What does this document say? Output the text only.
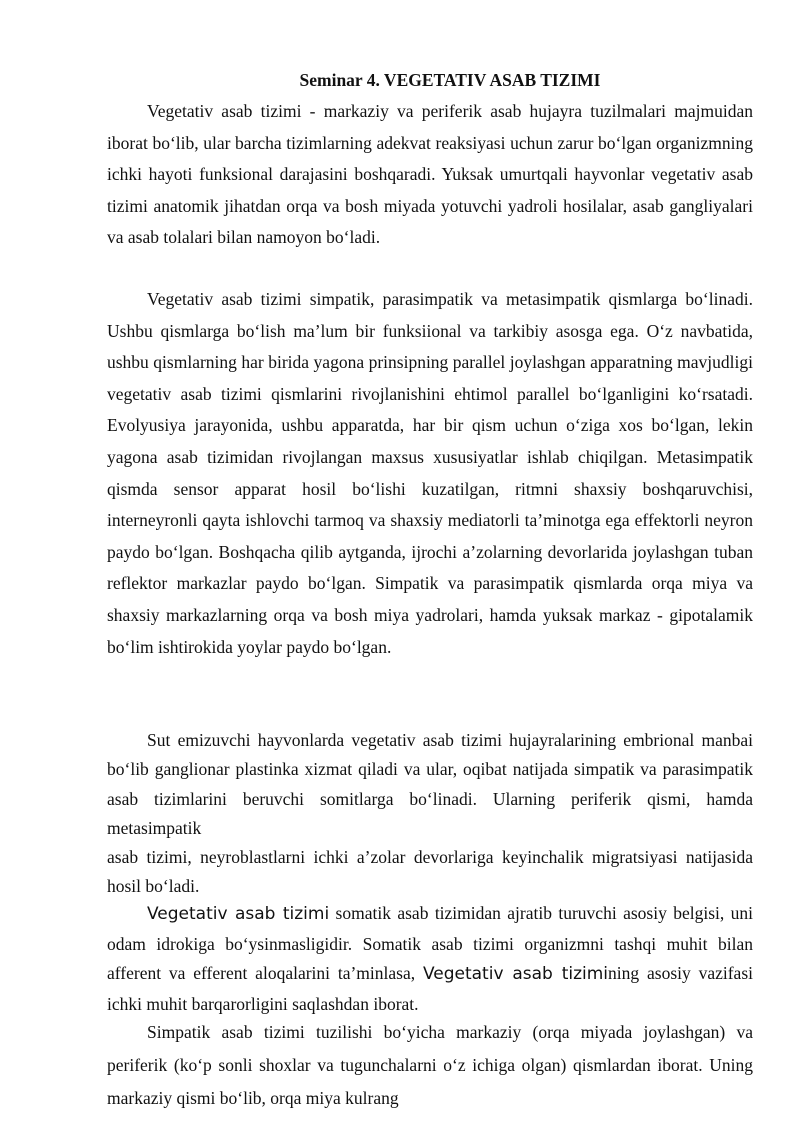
Seminar 4. VEGETATIV ASAB TIZIMI

Vegetativ asab tizimi - markaziy va periferik asab hujayra tuzilmalari majmuidan iborat bo‘lib, ular barcha tizimlarning adekvat reaksiyasi uchun zarur bo‘lgan organizmning ichki hayoti funksional darajasini boshqaradi. Yuksak umurtqali hayvonlar vegetativ asab tizimi anatomik jihatdan orqa va bosh miyada yotuvchi yadroli hosilalar, asab gangliyalari va asab tolalari bilan namoyon bo‘ladi.

Vegetativ asab tizimi simpatik, parasimpatik va metasimpatik qismlarga bo‘linadi. Ushbu qismlarga bo‘lish ma’lum bir funksiional va tarkibiy asosga ega. O‘z navbatida, ushbu qismlarning har birida yagona prinsipning parallel joylashgan apparatning mavjudligi vegetativ asab tizimi qismlarini rivojlanishini ehtimol parallel bo‘lganligini ko‘rsatadi. Evolyusiya jarayonida, ushbu apparatda, har bir qism uchun o‘ziga xos bo‘lgan, lekin yagona asab tizimidan rivojlangan maxsus xususiyatlar ishlab chiqilgan. Metasimpatik qismda sensor apparat hosil bo‘lishi kuzatilgan, ritmni shaxsiy boshqaruvchisi, interneyronli qayta ishlovchi tarmoq va shaxsiy mediatorli ta’minotga ega effektorli neyron paydo bo‘lgan. Boshqacha qilib aytganda, ijrochi a’zolarning devorlarida joylashgan tuban reflektor markazlar paydo bo‘lgan. Simpatik va parasimpatik qismlarda orqa miya va shaxsiy markazlarning orqa va bosh miya yadrolari, hamda yuksak markaz - gipotalamik bo‘lim ishtirokida yoylar paydo bo‘lgan.

Sut emizuvchi hayvonlarda vegetativ asab tizimi hujayralarining embrional manbai bo‘lib ganglionar plastinka xizmat qiladi va ular, oqibat natijada simpatik va parasimpatik asab tizimlarini beruvchi somitlarga bo‘linadi. Ularning periferik qismi, hamda metasimpatik

asab tizimi, neyroblastlarni ichki a’zolar devorlariga keyinchalik migratsiyasi natijasida hosil bo‘ladi.

Vegetativ asab tizimi somatik asab tizimidan ajratib turuvchi asosiy belgisi, uni odam idrokiga bo‘ysinmasligidir. Somatik asab tizimi organizmni tashqi muhit bilan afferent va efferent aloqalarini ta’minlasa, Vegetativ asab tizimining asosiy vazifasi ichki muhit barqarorligini saqlashdan iborat.

Simpatik asab tizimi tuzilishi bo‘yicha markaziy (orqa miyada joylashgan) va periferik (ko‘p sonli shoxlar va tugunchalarni o‘z ichiga olgan) qismlardan iborat. Uning markaziy qismi bo‘lib, orqa miya kulrang
